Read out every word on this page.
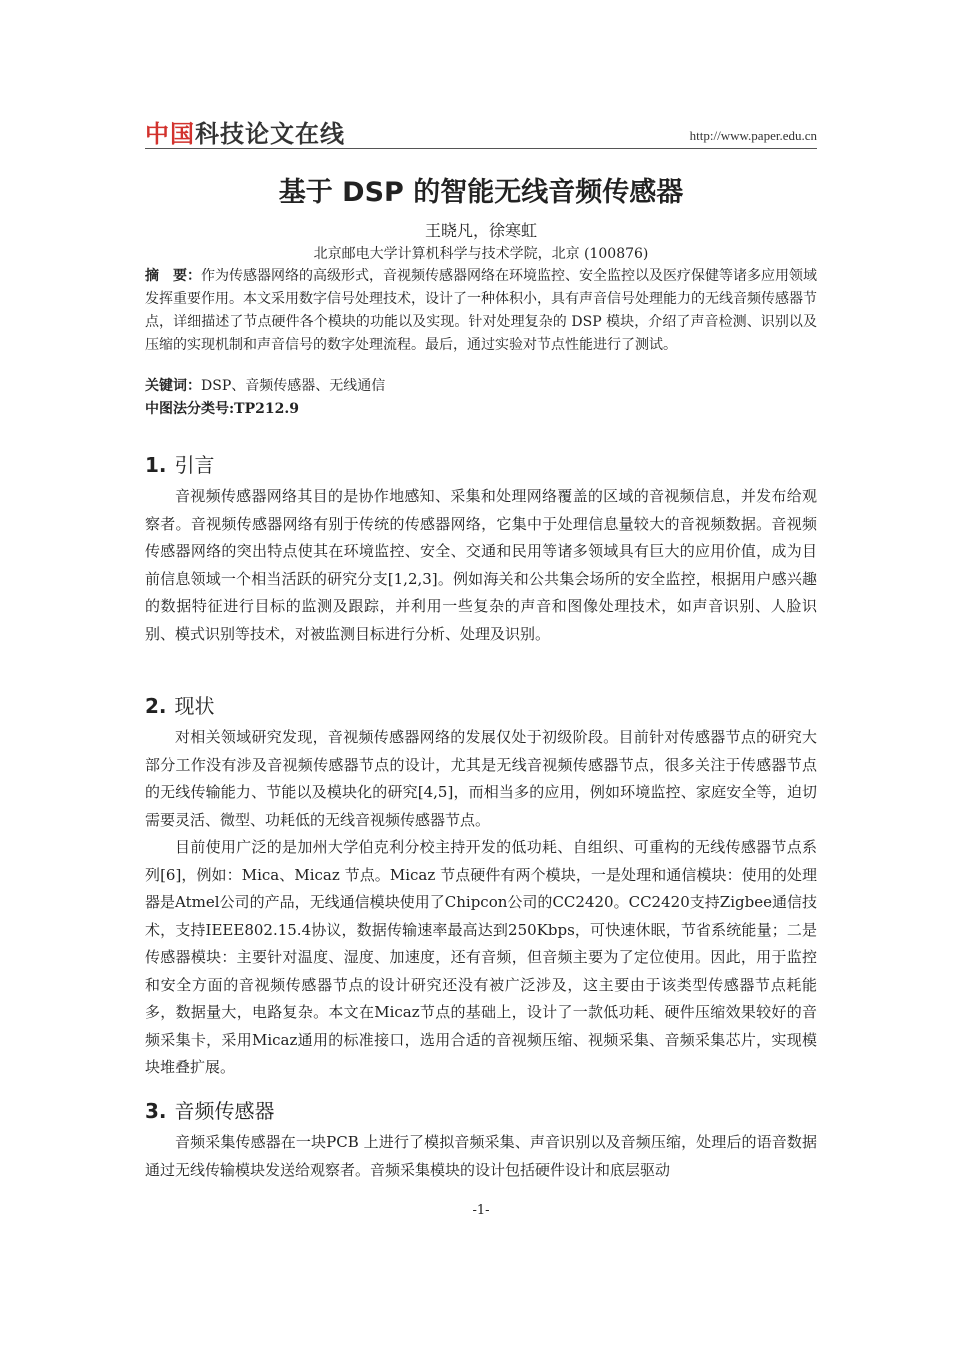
中国科技论文在线	http://www.paper.edu.cn
基于 DSP 的智能无线音频传感器
王晓凡，徐寒虹
北京邮电大学计算机科学与技术学院，北京 (100876)
摘　要：作为传感器网络的高级形式，音视频传感器网络在环境监控、安全监控以及医疗保健等诸多应用领域发挥重要作用。本文采用数字信号处理技术，设计了一种体积小，具有声音信号处理能力的无线音频传感器节点，详细描述了节点硬件各个模块的功能以及实现。针对处理复杂的 DSP 模块，介绍了声音检测、识别以及压缩的实现机制和声音信号的数字处理流程。最后，通过实验对节点性能进行了测试。
关键词：DSP、音频传感器、无线通信
中图法分类号:TP212.9
1. 引言
音视频传感器网络其目的是协作地感知、采集和处理网络覆盖的区域的音视频信息，并发布给观察者。音视频传感器网络有别于传统的传感器网络，它集中于处理信息量较大的音视频数据。音视频传感器网络的突出特点使其在环境监控、安全、交通和民用等诸多领域具有巨大的应用价值，成为目前信息领域一个相当活跃的研究分支[1,2,3]。例如海关和公共集会场所的安全监控，根据用户感兴趣的数据特征进行目标的监测及跟踪，并利用一些复杂的声音和图像处理技术，如声音识别、人脸识别、模式识别等技术，对被监测目标进行分析、处理及识别。
2. 现状
对相关领域研究发现，音视频传感器网络的发展仅处于初级阶段。目前针对传感器节点的研究大部分工作没有涉及音视频传感器节点的设计，尤其是无线音视频传感器节点，很多关注于传感器节点的无线传输能力、节能以及模块化的研究[4,5]，而相当多的应用，例如环境监控、家庭安全等，迫切需要灵活、微型、功耗低的无线音视频传感器节点。
目前使用广泛的是加州大学伯克利分校主持开发的低功耗、自组织、可重构的无线传感器节点系列[6]，例如：Mica、Micaz 节点。Micaz 节点硬件有两个模块，一是处理和通信模块：使用的处理器是Atmel公司的产品，无线通信模块使用了Chipcon公司的CC2420。CC2420支持Zigbee通信技术，支持IEEE802.15.4协议，数据传输速率最高达到250Kbps，可快速休眠，节省系统能量；二是传感器模块：主要针对温度、湿度、加速度，还有音频，但音频主要为了定位使用。因此，用于监控和安全方面的音视频传感器节点的设计研究还没有被广泛涉及，这主要由于该类型传感器节点耗能多，数据量大，电路复杂。本文在Micaz节点的基础上，设计了一款低功耗、硬件压缩效果较好的音频采集卡，采用Micaz通用的标准接口，选用合适的音视频压缩、视频采集、音频采集芯片，实现模块堆叠扩展。
3. 音频传感器
音频采集传感器在一块PCB 上进行了模拟音频采集、声音识别以及音频压缩，处理后的语音数据通过无线传输模块发送给观察者。音频采集模块的设计包括硬件设计和底层驱动
-1-
